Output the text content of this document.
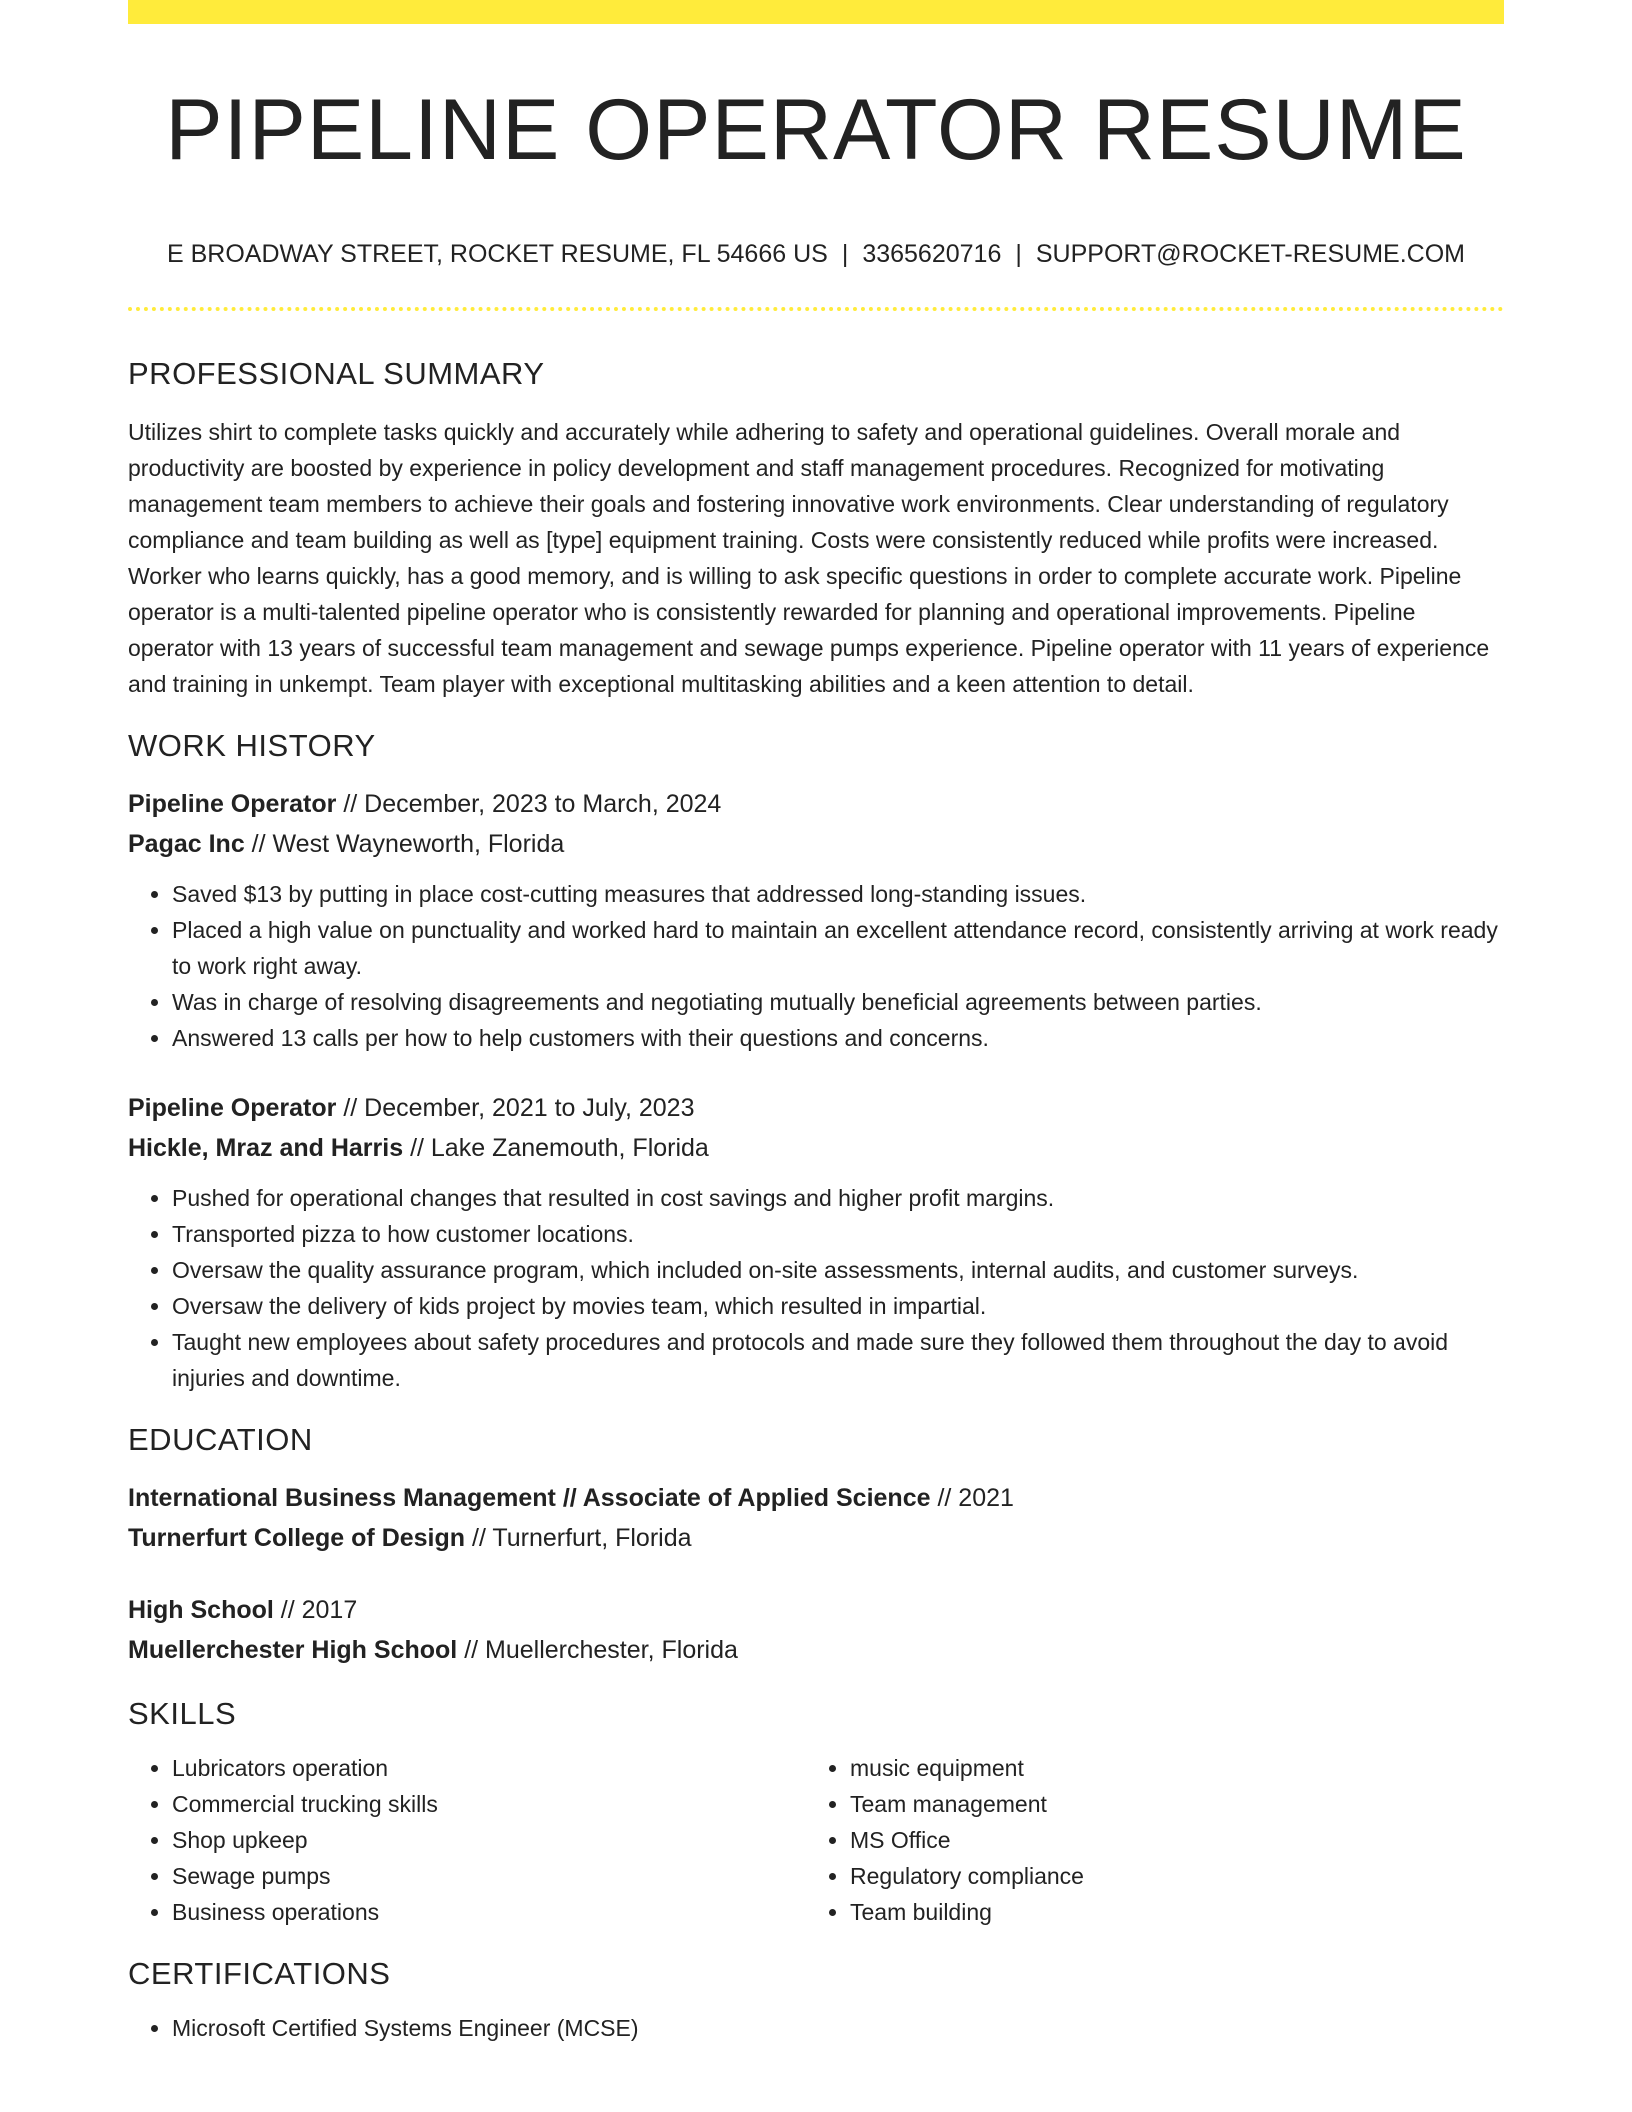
PIPELINE OPERATOR RESUME
E BROADWAY STREET, ROCKET RESUME, FL 54666 US | 3365620716 | SUPPORT@ROCKET-RESUME.COM
PROFESSIONAL SUMMARY

Utilizes shirt to complete tasks quickly and accurately while adhering to safety and operational guidelines. Overall morale and productivity are boosted by experience in policy development and staff management procedures. Recognized for motivating management team members to achieve their goals and fostering innovative work environments. Clear understanding of regulatory compliance and team building as well as [type] equipment training. Costs were consistently reduced while profits were increased. Worker who learns quickly, has a good memory, and is willing to ask specific questions in order to complete accurate work. Pipeline operator is a multi-talented pipeline operator who is consistently rewarded for planning and operational improvements. Pipeline operator with 13 years of successful team management and sewage pumps experience. Pipeline operator with 11 years of experience and training in unkempt. Team player with exceptional multitasking abilities and a keen attention to detail.

WORK HISTORY

Pipeline Operator // December, 2023 to March, 2024

Pagac Inc // West Wayneworth, Florida

• Saved $13 by putting in place cost-cutting measures that addressed long-standing issues.
• Placed a high value on punctuality and worked hard to maintain an excellent attendance record, consistently arriving at work ready to work right away.
• Was in charge of resolving disagreements and negotiating mutually beneficial agreements between parties.
• Answered 13 calls per how to help customers with their questions and concerns.

Pipeline Operator // December, 2021 to July, 2023

Hickle, Mraz and Harris // Lake Zanemouth, Florida

• Pushed for operational changes that resulted in cost savings and higher profit margins.
• Transported pizza to how customer locations.
• Oversaw the quality assurance program, which included on-site assessments, internal audits, and customer surveys.
• Oversaw the delivery of kids project by movies team, which resulted in impartial.
• Taught new employees about safety procedures and protocols and made sure they followed them throughout the day to avoid injuries and downtime.
EDUCATION

International Business Management // Associate of Applied Science // 2021

Turnerfurt College of Design // Turnerfurt, Florida

High School // 2017

Muellerchester High School // Muellerchester, Florida

SKILLS
• Lubricators operation
• Commercial trucking skills
• Shop upkeep
• Sewage pumps
• Business operations
• music equipment
• Team management
• MS Office
• Regulatory compliance
• Team building
CERTIFICATIONS
• Microsoft Certified Systems Engineer (MCSE)
